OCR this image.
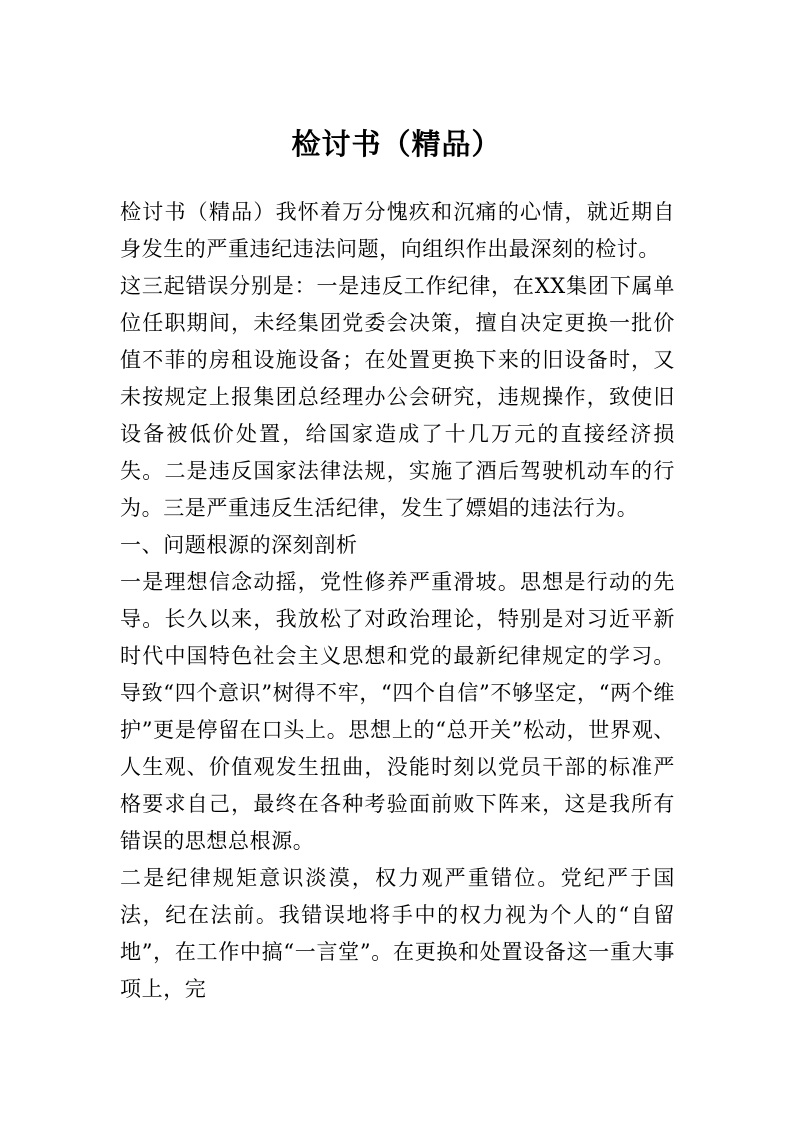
检讨书（精品）

检讨书（精品）我怀着万分愧疚和沉痛的心情，就近期自身发生的严重违纪违法问题，向组织作出最深刻的检讨。

这三起错误分别是：一是违反工作纪律，在XX集团下属单位任职期间，未经集团党委会决策，擅自决定更换一批价值不菲的房租设施设备；在处置更换下来的旧设备时，又未按规定上报集团总经理办公会研究，违规操作，致使旧设备被低价处置，给国家造成了十几万元的直接经济损失。二是违反国家法律法规，实施了酒后驾驶机动车的行为。三是严重违反生活纪律，发生了嫖娼的违法行为。

一、问题根源的深刻剖析

一是理想信念动摇，党性修养严重滑坡。思想是行动的先导。长久以来，我放松了对政治理论，特别是对习近平新时代中国特色社会主义思想和党的最新纪律规定的学习。导致“四个意识”树得不牢，“四个自信”不够坚定，“两个维护”更是停留在口头上。思想上的“总开关”松动，世界观、人生观、价值观发生扭曲，没能时刻以党员干部的标准严格要求自己，最终在各种考验面前败下阵来，这是我所有错误的思想总根源。

二是纪律规矩意识淡漠，权力观严重错位。党纪严于国法，纪在法前。我错误地将手中的权力视为个人的“自留地”，在工作中搞“一言堂”。在更换和处置设备这一重大事项上，完
